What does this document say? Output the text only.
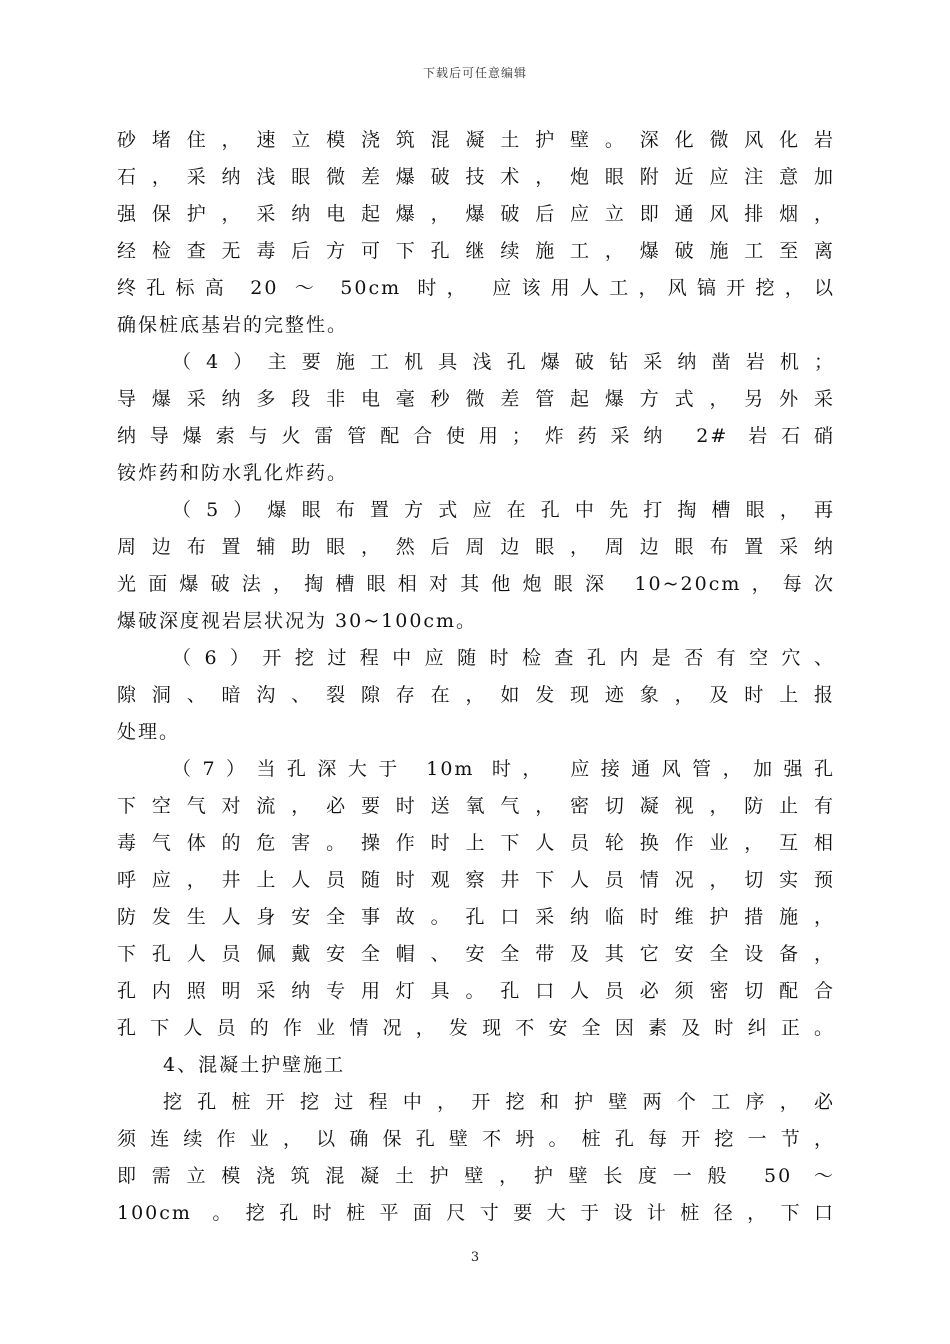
下载后可任意编辑
砂堵住，速立模浇筑混凝土护壁。深化微风化岩
石，采纳浅眼微差爆破技术，炮眼附近应注意加
强保护，采纳电起爆，爆破后应立即通风排烟，
经检查无毒后方可下孔继续施工，爆破施工至离
终孔标高 20 ～ 50cm 时， 应该用人工，风镐开挖，以
确保桩底基岩的完整性。
（4）主要施工机具浅孔爆破钻采纳凿岩机；
导爆采纳多段非电毫秒微差管起爆方式，另外采
纳导爆索与火雷管配合使用；炸药采纳 2# 岩石硝
铵炸药和防水乳化炸药。
（5）爆眼布置方式应在孔中先打掏槽眼，再
周边布置辅助眼，然后周边眼，周边眼布置采纳
光面爆破法，掏槽眼相对其他炮眼深 10~20cm，每次
爆破深度视岩层状况为 30~100cm。
（6）开挖过程中应随时检查孔内是否有空穴、
隙洞、暗沟、裂隙存在，如发现迹象，及时上报
处理。
（7）当孔深大于 10m 时， 应接通风管，加强孔
下空气对流，必要时送氧气，密切凝视，防止有
毒气体的危害。操作时上下人员轮换作业，互相
呼应，井上人员随时观察井下人员情况，切实预
防发生人身安全事故。孔口采纳临时维护措施，
下孔人员佩戴安全帽、安全带及其它安全设备，
孔内照明采纳专用灯具。孔口人员必须密切配合
孔下人员的作业情况，发现不安全因素及时纠正。
4、混凝土护壁施工
挖孔桩开挖过程中，开挖和护壁两个工序，必
须连续作业，以确保孔壁不坍。桩孔每开挖一节，
即需立模浇筑混凝土护壁，护壁长度一般 50 ～
100cm 。挖孔时桩平面尺寸要大于设计桩径，下口
3
